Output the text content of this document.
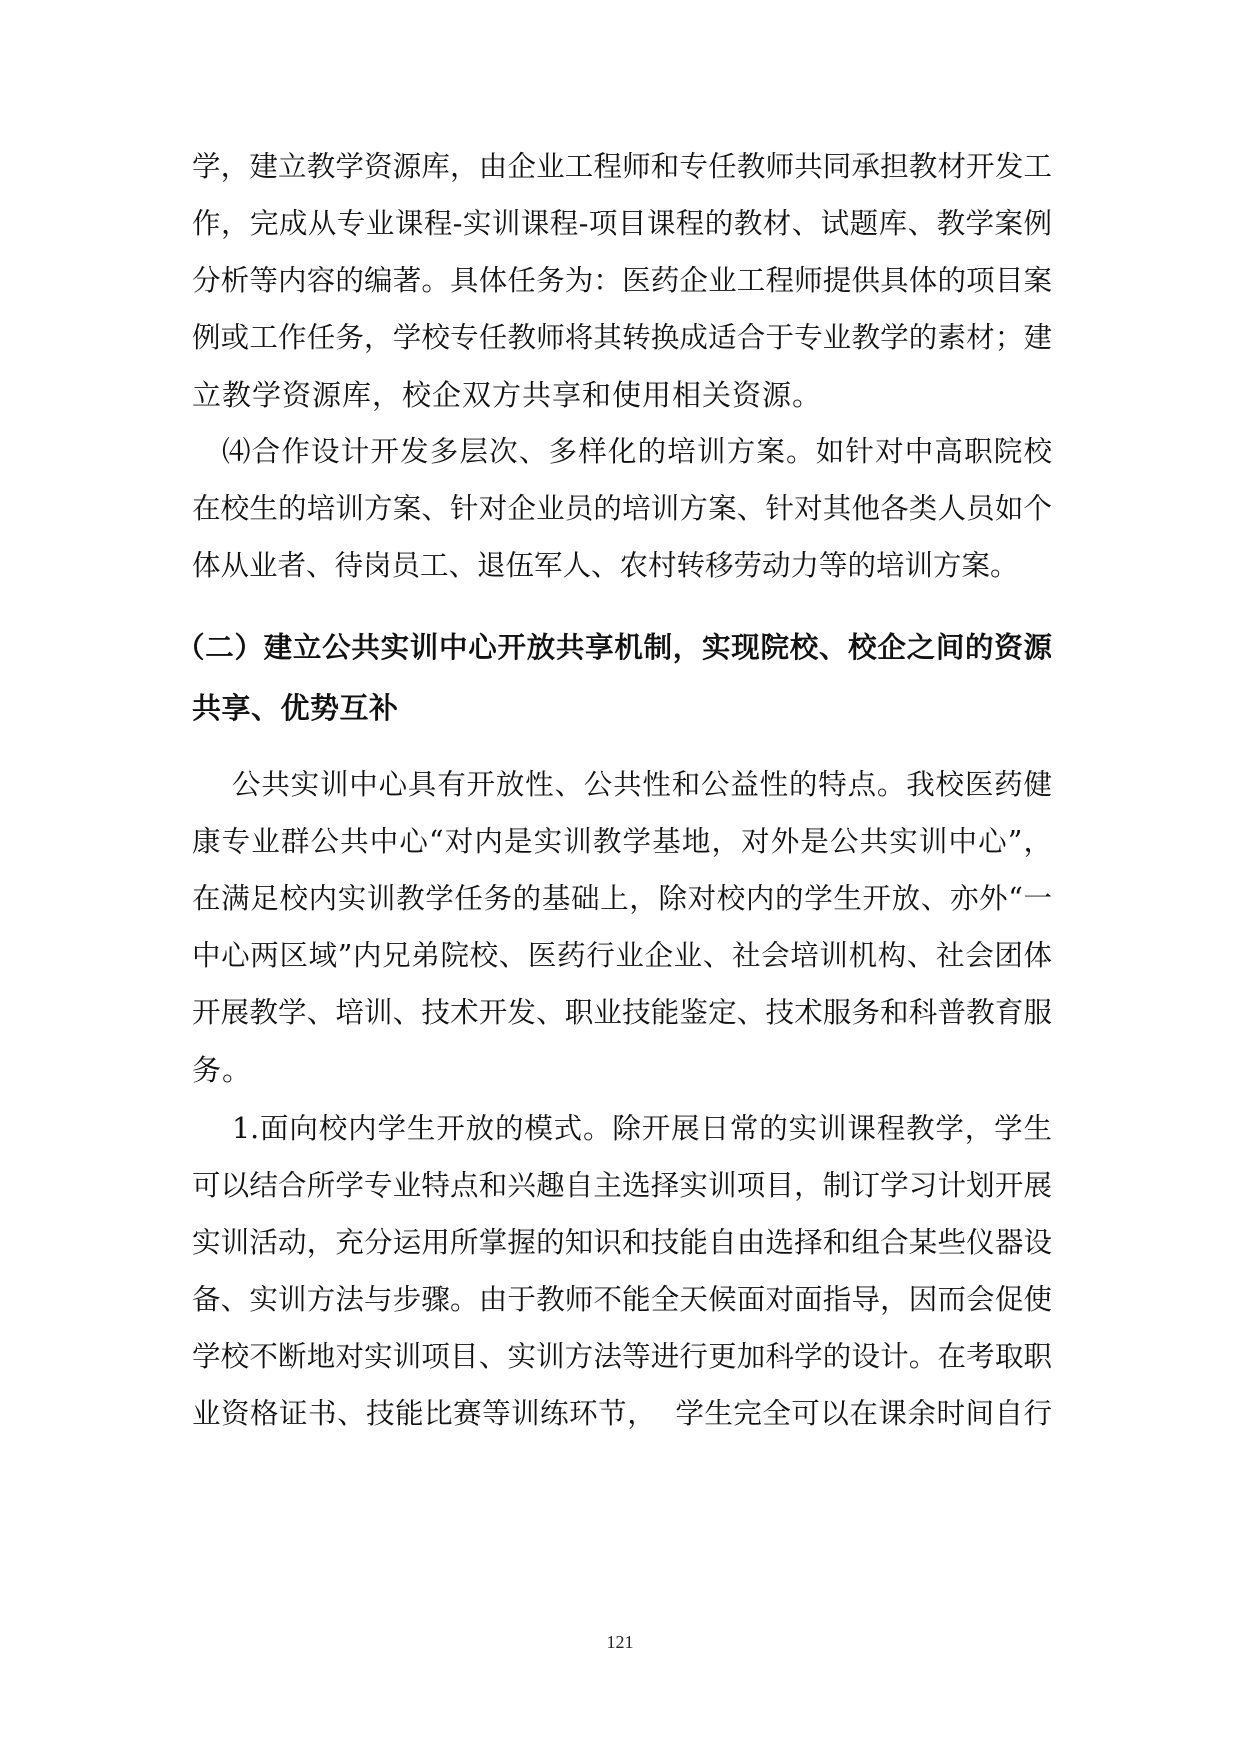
学，建立教学资源库，由企业工程师和专任教师共同承担教材开发工
作，完成从专业课程-实训课程-项目课程的教材、试题库、教学案例
分析等内容的编著。具体任务为：医药企业工程师提供具体的项目案
例或工作任务，学校专任教师将其转换成适合于专业教学的素材；建
立教学资源库，校企双方共享和使用相关资源。
⑷合作设计开发多层次、多样化的培训方案。如针对中高职院校
在校生的培训方案、针对企业员的培训方案、针对其他各类人员如个
体从业者、待岗员工、退伍军人、农村转移劳动力等的培训方案。
（二）建立公共实训中心开放共享机制，实现院校、校企之间的资源
共享、优势互补
公共实训中心具有开放性、公共性和公益性的特点。我校医药健
康专业群公共中心“对内是实训教学基地，对外是公共实训中心”，
在满足校内实训教学任务的基础上，除对校内的学生开放、亦外“一
中心两区域”内兄弟院校、医药行业企业、社会培训机构、社会团体
开展教学、培训、技术开发、职业技能鉴定、技术服务和科普教育服
务。
1.面向校内学生开放的模式。除开展日常的实训课程教学，学生
可以结合所学专业特点和兴趣自主选择实训项目，制订学习计划开展
实训活动，充分运用所掌握的知识和技能自由选择和组合某些仪器设
备、实训方法与步骤。由于教师不能全天候面对面指导，因而会促使
学校不断地对实训项目、实训方法等进行更加科学的设计。在考取职
业资格证书、技能比赛等训练环节，  学生完全可以在课余时间自行
121
